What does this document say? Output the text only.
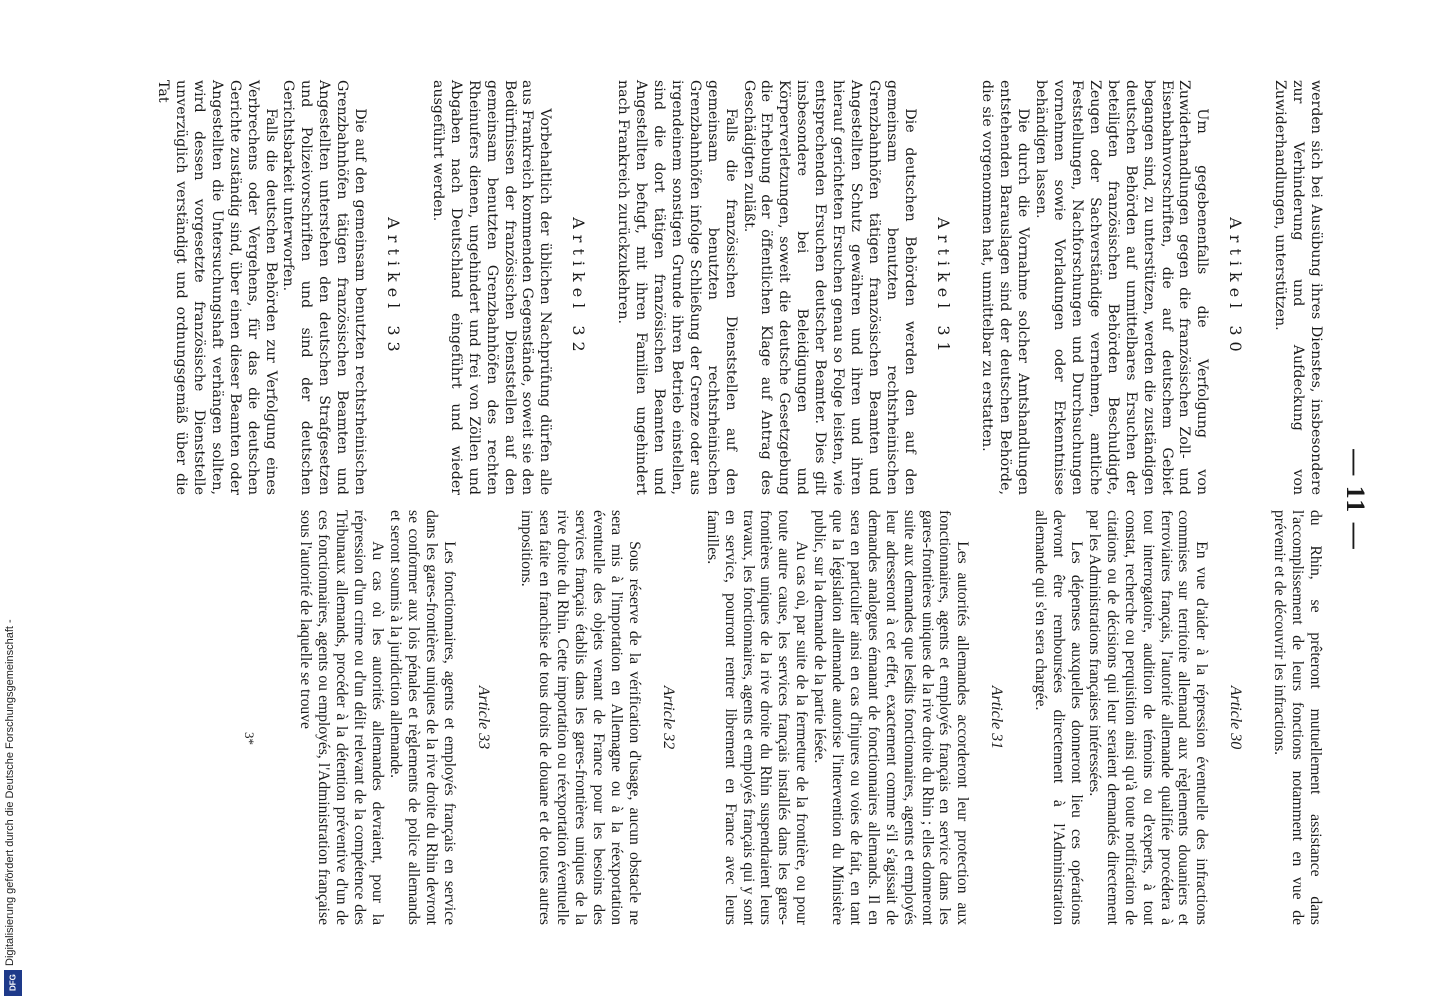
— 11 —

werden sich bei Ausübung ihres Dienstes, insbesondere zur Verhinderung und Aufdeckung von Zuwiderhandlungen, unterstützen.

Artikel 30

Um gegebenenfalls die Verfolgung von Zuwiderhandlungen gegen die französischen Zoll- und Eisenbahnvorschriften, die auf deutschem Gebiet begangen sind, zu unterstützen, werden die zuständigen deutschen Behörden auf unmittelbares Ersuchen der beteiligten französischen Behörden Beschuldigte, Zeugen oder Sachverständige vernehmen, amtliche Feststellungen, Nachforschungen und Durchsuchungen vornehmen sowie Vorladungen oder Erkenntnisse behändigen lassen.

Die durch die Vornahme solcher Amtshandlungen entstehenden Barauslagen sind der deutschen Behörde, die sie vorgenommen hat, unmittelbar zu erstatten.

Artikel 31

Die deutschen Behörden werden den auf den gemeinsam benutzten rechtsrheinischen Grenzbahnhöfen tätigen französischen Beamten und Angestellten Schutz gewähren und ihren und ihren hierauf gerichteten Ersuchen genau so Folge leisten, wie entsprechenden Ersuchen deutscher Beamter. Dies gilt insbesondere bei Beleidigungen und Körperverletzungen, soweit die deutsche Gesetzgebung die Erhebung der öffentlichen Klage auf Antrag des Geschädigten zuläßt.

Falls die französischen Dienststellen auf den gemeinsam benutzten rechtsrheinischen Grenzbahnhöfen infolge Schließung der Grenze oder aus irgendeinem sonstigen Grunde ihren Betrieb einstellen, sind die dort tätigen französischen Beamten und Angestellten befugt, mit ihren Familien ungehindert nach Frankreich zurückzukehren.

Artikel 32

Vorbehaltlich der üblichen Nachprüfung dürfen alle aus Frankreich kommenden Gegenstände, soweit sie den Bedürfnissen der französischen Dienststellen auf den gemeinsam benutzten Grenzbahnhöfen des rechten Rheinufers dienen, ungehindert und frei von Zöllen und Abgaben nach Deutschland eingeführt und wieder ausgeführt werden.

Artikel 33

Die auf den gemeinsam benutzten rechtsrheinischen Grenzbahnhöfen tätigen französischen Beamten und Angestellten unterstehen den deutschen Strafgesetzen und Polizeivorschriften und sind der deutschen Gerichtsbarkeit unterworfen.

Falls die deutschen Behörden zur Verfolgung eines Verbrechens oder Vergehens, für das die deutschen Gerichte zuständig sind, über einen dieser Beamten oder Angestellten die Untersuchungshaft verhängen sollten, wird dessen vorgesetzte französische Dienststelle unverzüglich verständigt und ordnungsgemäß über die Tat

du Rhin, se prêteront mutuellement assistance dans l'accomplissement de leurs fonctions notamment en vue de prévenir et de découvrir les infractions.

Article 30

En vue d'aider à la répression éventuelle des infractions commises sur territoire allemand aux règlements douaniers et ferroviaires français, l'autorité allemande qualifiée procédera à tout interrogatoire, audition de témoins ou d'experts, à tout constat, recherche ou perquisition ainsi qu'à toute notification de citations ou de décisions qui leur seraient demandés directement par les Administrations françaises intéressées.

Les dépenses auxquelles donneront lieu ces opérations devront être remboursées directement à l'Administration allemande qui s'en sera chargée.

Article 31

Les autorités allemandes accorderont leur protection aux fonctionnaires, agents et employés français en service dans les gares-frontières uniques de la rive droite du Rhin ; elles donneront suite aux demandes que lesdits fonctionnaires, agents et employés leur adresseront à cet effet, exactement comme s'il s'agissait de demandes analogues émanant de fonctionnaires allemands. Il en sera en particulier ainsi en cas d'injures ou voies de fait, en tant que la législation allemande autorise l'intervention du Ministère public, sur la demande de la partie lésée.

Au cas où, par suite de la fermeture de la frontière, ou pour toute autre cause, les services français installés dans les gares-frontières uniques de la rive droite du Rhin suspendraient leurs travaux, les fonctionnaires, agents et employés français qui y sont en service, pourront rentrer librement en France avec leurs familles.

Article 32

Sous réserve de la vérification d'usage, aucun obstacle ne sera mis à l'importation en Allemagne ou à la réexportation éventuelle des objets venant de France pour les besoins des services français établis dans les gares-frontières uniques de la rive droite du Rhin. Cette importation ou réexportation éventuelle sera faite en franchise de tous droits de douane et de toutes autres impositions.

Article 33

Les fonctionnaires, agents et employés français en service dans les gares-frontières uniques de la rive droite du Rhin devront se conformer aux lois pénales et règlements de police allemands et seront soumis à la juridiction allemande.

Au cas où les autorités allemandes devraient, pour la répression d'un crime ou d'un délit relevant de la compétence des Tribunaux allemands, procéder à la détention préventive d'un de ces fonctionnaires, agents ou employés, l'Administration française sous l'autorité de laquelle se trouve

3*
Digitalisierung gefördert durch die Deutsche Forschungsgemeinschaft -
DFG
